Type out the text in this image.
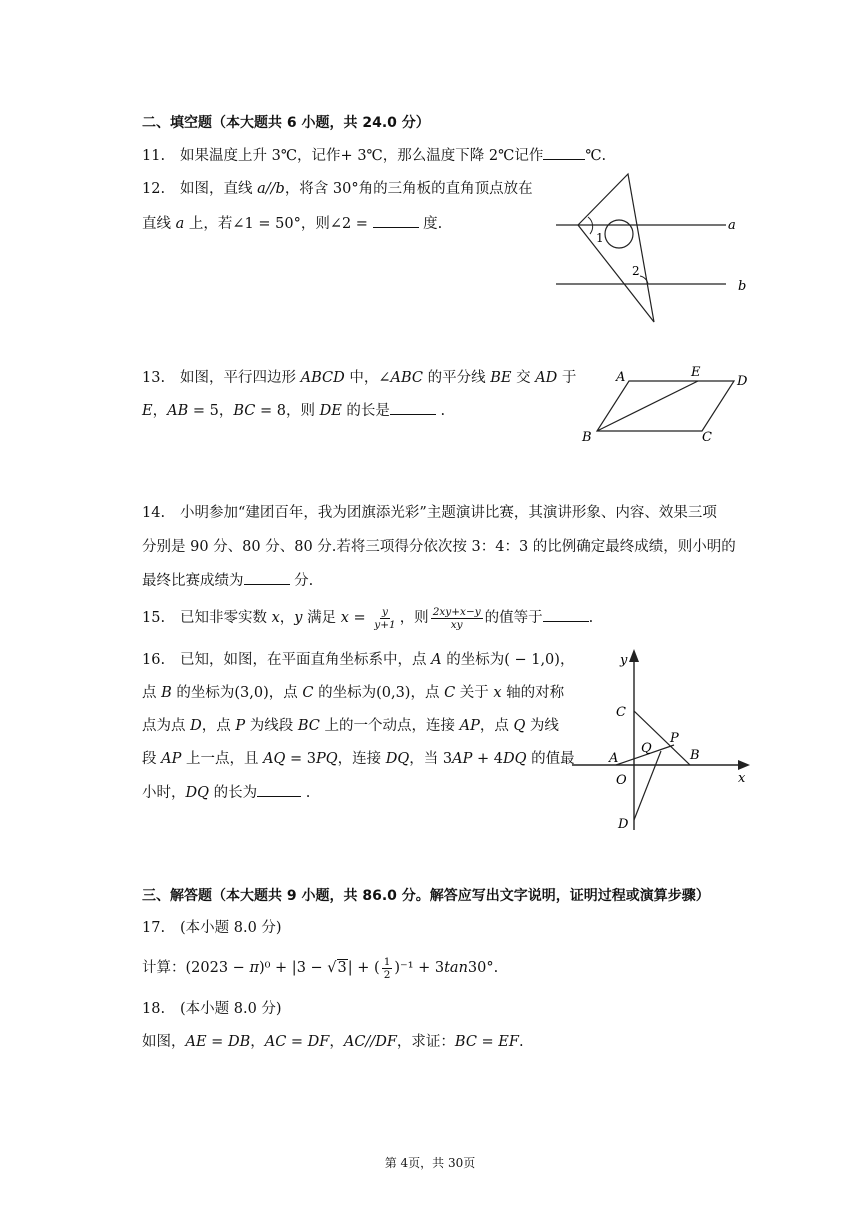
二、填空题（本大题共 6 小题，共 24.0 分）
11. 如果温度上升 3℃，记作+ 3℃，那么温度下降 2℃记作	℃.
12. 如图，直线 a//b，将含 30°角的三角板的直角顶点放在
直线 a 上，若∠1 = 50°，则∠2 =	度.
1
2
a
b
13. 如图，平行四边形 ABCD 中，∠ABC 的平分线 BE 交 AD 于
E，AB = 5，BC = 8，则 DE 的长是	.
A	E
D
B	C
14. 小明参加“建团百年，我为团旗添光彩”主题演讲比赛，其演讲形象、内容、效果三项
分别是 90 分、80 分、80 分.若将三项得分依次按 3：4：3 的比例确定最终成绩，则小明的
最终比赛成绩为	分.
15. 已知非零实数 x，y 满足 $x = \frac{y}{y+1}$ ，则 $\frac{2xy+x-y}{xy}$ 的值等于	.
16. 已知，如图，在平面直角坐标系中，点 A 的坐标为( − 1,0)，
点 B 的坐标为(3,0)，点 C 的坐标为(0,3)，点 C 关于 x 轴的对称
点为点 D，点 P 为线段 BC 上的一个动点，连接 AP，点 Q 为线
段 AP 上一点，且 AQ = 3PQ，连接 DQ，当 3AP + 4DQ 的值最
小时，DQ 的长为	.
y
x
C
A
Q
P
B
O
D
三、解答题（本大题共 9 小题，共 86.0 分。解答应写出文字说明，证明过程或演算步骤）
17. (本小题 8.0 分)
计算：(2023 − π)⁰ + |3 − √3| + ( $\frac{1}{2} )^{-1} + 3\tan 30^\circ$.
18. (本小题 8.0 分)
如图，AE = DB，AC = DF，AC//DF，求证：BC = EF.
第 4页，共 30页
